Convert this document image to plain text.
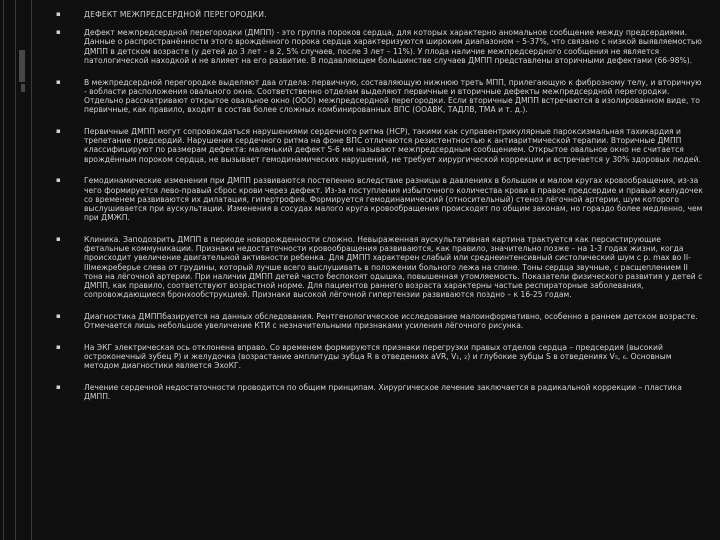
▪	ДЕФЕКТ МЕЖПРЕДСЕРДНОЙ ПЕРЕГОРОДКИ.
▪	Дефект межпредсердной перегородки (ДМПП) - это группа пороков сердца, для которых характерно аномальное сообщение между предсердиями. Данные о распространённости этого врождённого порока сердца характеризуются широким диапазоном – 5-37%, что связано с низкой выявляемостью ДМПП в детском возрасте (у детей до 3 лет – в 2, 5% случаев, после 3 лет – 11%). У плода наличие межпредсердного сообщения не является патологической находкой и не влияет на его развитие. В подавляющем большинстве случаев ДМПП представлены вторичными дефектами (66-98%).
▪	В межпредсердной перегородке выделяют два отдела: первичную, составляющую нижнюю треть МПП, прилегающую к фиброзному телу, и вторичную - вобласти расположения овального окна. Соответственно отделам выделяют первичные и вторичные дефекты межпредсердной перегородки. Отдельно рассматривают открытое овальное окно (ООО) межпредсердной перегородки. Если вторичные ДМПП встречаются в изолированном виде, то первичные, как правило, входят в состав более сложных комбинированных ВПС (ООАВК, ТАДЛВ, ТМА и т. д.).
▪	Первичные ДМПП могут сопровождаться нарушениями сердечного ритма (НСР), такими как суправентрикулярные пароксизмальная тахикардия и трепетание предсердий. Нарушения сердечного ритма на фоне ВПС отличаются резистентностью к антиаритмической терапии. Вторичные ДМПП классифицируют по размерам дефекта: маленький дефект 5-6 мм называют межпредсердным сообщением. Открытое овальное окно не считается врождённым пороком сердца, не вызывает гемодинамических нарушений, не требует хирургической коррекции и встречается у 30% здоровых людей.
▪	Гемодинамические изменения при ДМПП развиваются постепенно вследствие разницы в давлениях в большом и малом кругах кровообращения, из-за чего формируется лево-правый сброс крови через дефект. Из-за поступления избыточного количества крови в правое предсердие и правый желудочек со временем развиваются их дилатация, гипертрофия. Формируется гемодинамический (относительный) стеноз лёгочной артерии, шум которого выслушивается при аускультации. Изменения в сосудах малого круга кровообращения происходят по общим законам, но гораздо более медленно, чем при ДМЖП.
▪	Клиника. Заподозрить ДМПП в периоде новорожденности сложно. Невыраженная аускультативная картина трактуется как персистирующие фетальные коммуникации. Признаки недостаточности кровообращения развиваются, как правило, значительно позже – на 1-3 годах жизни, когда происходит увеличение двигательной активности ребенка. Для ДМПП характерен слабый или среднеинтенсивный систолический шум с р. max во II-IIIмежреберье слева от грудины, который лучше всего выслушивать в положении больного лежа на спине. Тоны сердца звучные, с расщеплением II тона на лёгочной артерии. При наличии ДМПП детей часто беспокоят одышка, повышенная утомляемость. Показатели физического развития у детей с ДМПП, как правило, соответствуют возрастной норме. Для пациентов раннего возраста характерны частые респираторные заболевания, сопровождающиеся бронхообструкцией. Признаки высокой лёгочной гипертензии развиваются поздно – к 16-25 годам.
▪	Диагностика ДМППбазируется на данных обследования. Рентгенологическое исследование малоинформативно, особенно в раннем детском возрасте. Отмечается лишь небольшое увеличение КТИ с незначительными признаками усиления лёгочного рисунка.
▪	На ЭКГ электрическая ось отклонена вправо. Со временем формируются признаки перегрузки правых отделов сердца – предсердия (высокий остроконечный зубец Р) и желудочка (возрастание амплитуды зубца R в отведениях aVR, V₁, ₂) и глубокие зубцы S в отведениях V₅, ₆. Основным методом диагностики является ЭхоКГ.
▪	Лечение сердечной недостаточности проводится по общим принципам. Хирургическое лечение заключается в радикальной коррекции – пластика ДМПП.
